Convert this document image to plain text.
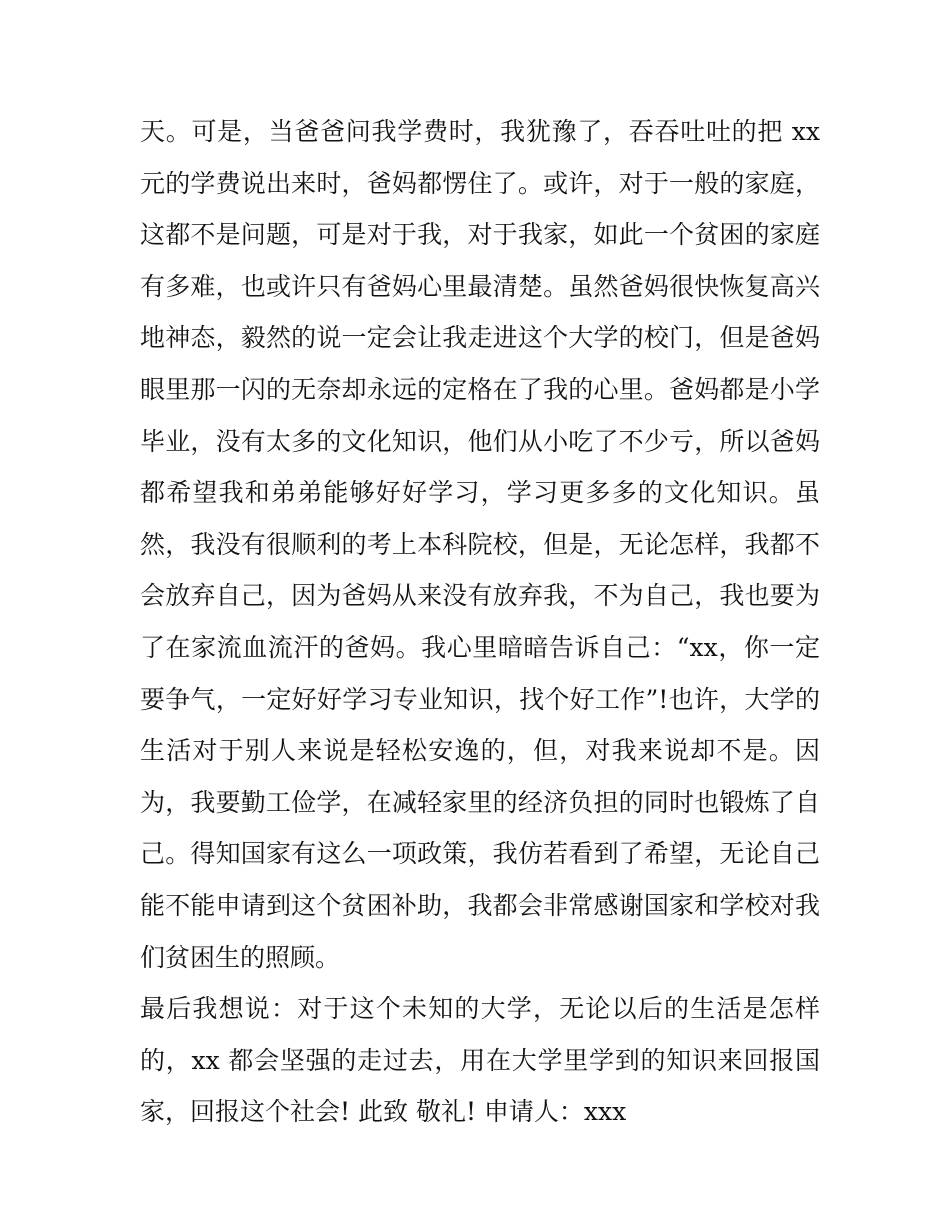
天。可是，当爸爸问我学费时，我犹豫了，吞吞吐吐的把 xx
元的学费说出来时，爸妈都愣住了。或许，对于一般的家庭，
这都不是问题，可是对于我，对于我家，如此一个贫困的家庭
有多难，也或许只有爸妈心里最清楚。虽然爸妈很快恢复高兴
地神态，毅然的说一定会让我走进这个大学的校门，但是爸妈
眼里那一闪的无奈却永远的定格在了我的心里。爸妈都是小学
毕业，没有太多的文化知识，他们从小吃了不少亏，所以爸妈
都希望我和弟弟能够好好学习，学习更多多的文化知识。虽
然，我没有很顺利的考上本科院校，但是，无论怎样，我都不
会放弃自己，因为爸妈从来没有放弃我，不为自己，我也要为
了在家流血流汗的爸妈。我心里暗暗告诉自己：“xx，你一定
要争气，一定好好学习专业知识，找个好工作”!也许，大学的
生活对于别人来说是轻松安逸的，但，对我来说却不是。因
为，我要勤工俭学，在减轻家里的经济负担的同时也锻炼了自
己。得知国家有这么一项政策，我仿若看到了希望，无论自己
能不能申请到这个贫困补助，我都会非常感谢国家和学校对我
们贫困生的照顾。
最后我想说：对于这个未知的大学，无论以后的生活是怎样
的，xx 都会坚强的走过去，用在大学里学到的知识来回报国
家，回报这个社会! 此致 敬礼! 申请人：xxx
